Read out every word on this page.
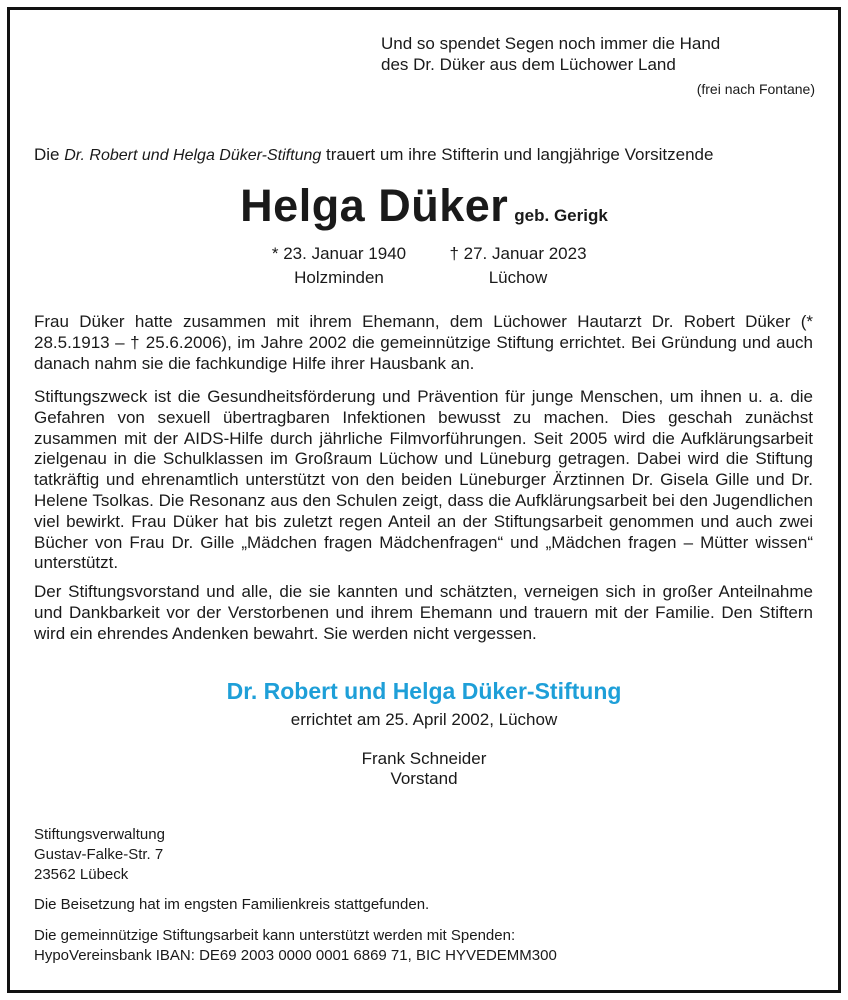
Und so spendet Segen noch immer die Hand
des Dr. Düker aus dem Lüchower Land
(frei nach Fontane)
Die Dr. Robert und Helga Düker-Stiftung trauert um ihre Stifterin und langjährige Vorsitzende
Helga Düker geb. Gerigk
* 23. Januar 1940
Holzminden
† 27. Januar 2023
Lüchow
Frau Düker hatte zusammen mit ihrem Ehemann, dem Lüchower Hautarzt Dr. Robert Düker (* 28.5.1913 – † 25.6.2006), im Jahre 2002 die gemeinnützige Stiftung errichtet. Bei Gründung und auch danach nahm sie die fachkundige Hilfe ihrer Hausbank an.
Stiftungszweck ist die Gesundheitsförderung und Prävention für junge Menschen, um ihnen u. a. die Gefahren von sexuell übertragbaren Infektionen bewusst zu machen. Dies geschah zunächst zusammen mit der AIDS-Hilfe durch jährliche Filmvorführungen. Seit 2005 wird die Aufklärungsarbeit zielgenau in die Schulklassen im Großraum Lüchow und Lüneburg getragen. Dabei wird die Stiftung tatkräftig und ehrenamtlich unterstützt von den beiden Lüneburger Ärztinnen Dr. Gisela Gille und Dr. Helene Tsolkas. Die Resonanz aus den Schulen zeigt, dass die Aufklärungsarbeit bei den Jugendlichen viel bewirkt. Frau Düker hat bis zuletzt regen Anteil an der Stiftungsarbeit genommen und auch zwei Bücher von Frau Dr. Gille „Mädchen fragen Mädchenfragen“ und „Mädchen fragen – Mütter wissen“ unterstützt.
Der Stiftungsvorstand und alle, die sie kannten und schätzten, verneigen sich in großer Anteilnahme und Dankbarkeit vor der Verstorbenen und ihrem Ehemann und trauern mit der Familie. Den Stiftern wird ein ehrendes Andenken bewahrt. Sie werden nicht vergessen.
Dr. Robert und Helga Düker-Stiftung
errichtet am 25. April 2002, Lüchow
Frank Schneider
Vorstand
Stiftungsverwaltung
Gustav-Falke-Str. 7
23562 Lübeck
Die Beisetzung hat im engsten Familienkreis stattgefunden.
Die gemeinnützige Stiftungsarbeit kann unterstützt werden mit Spenden:
HypoVereinsbank IBAN: DE69 2003 0000 0001 6869 71, BIC HYVEDEMM300
